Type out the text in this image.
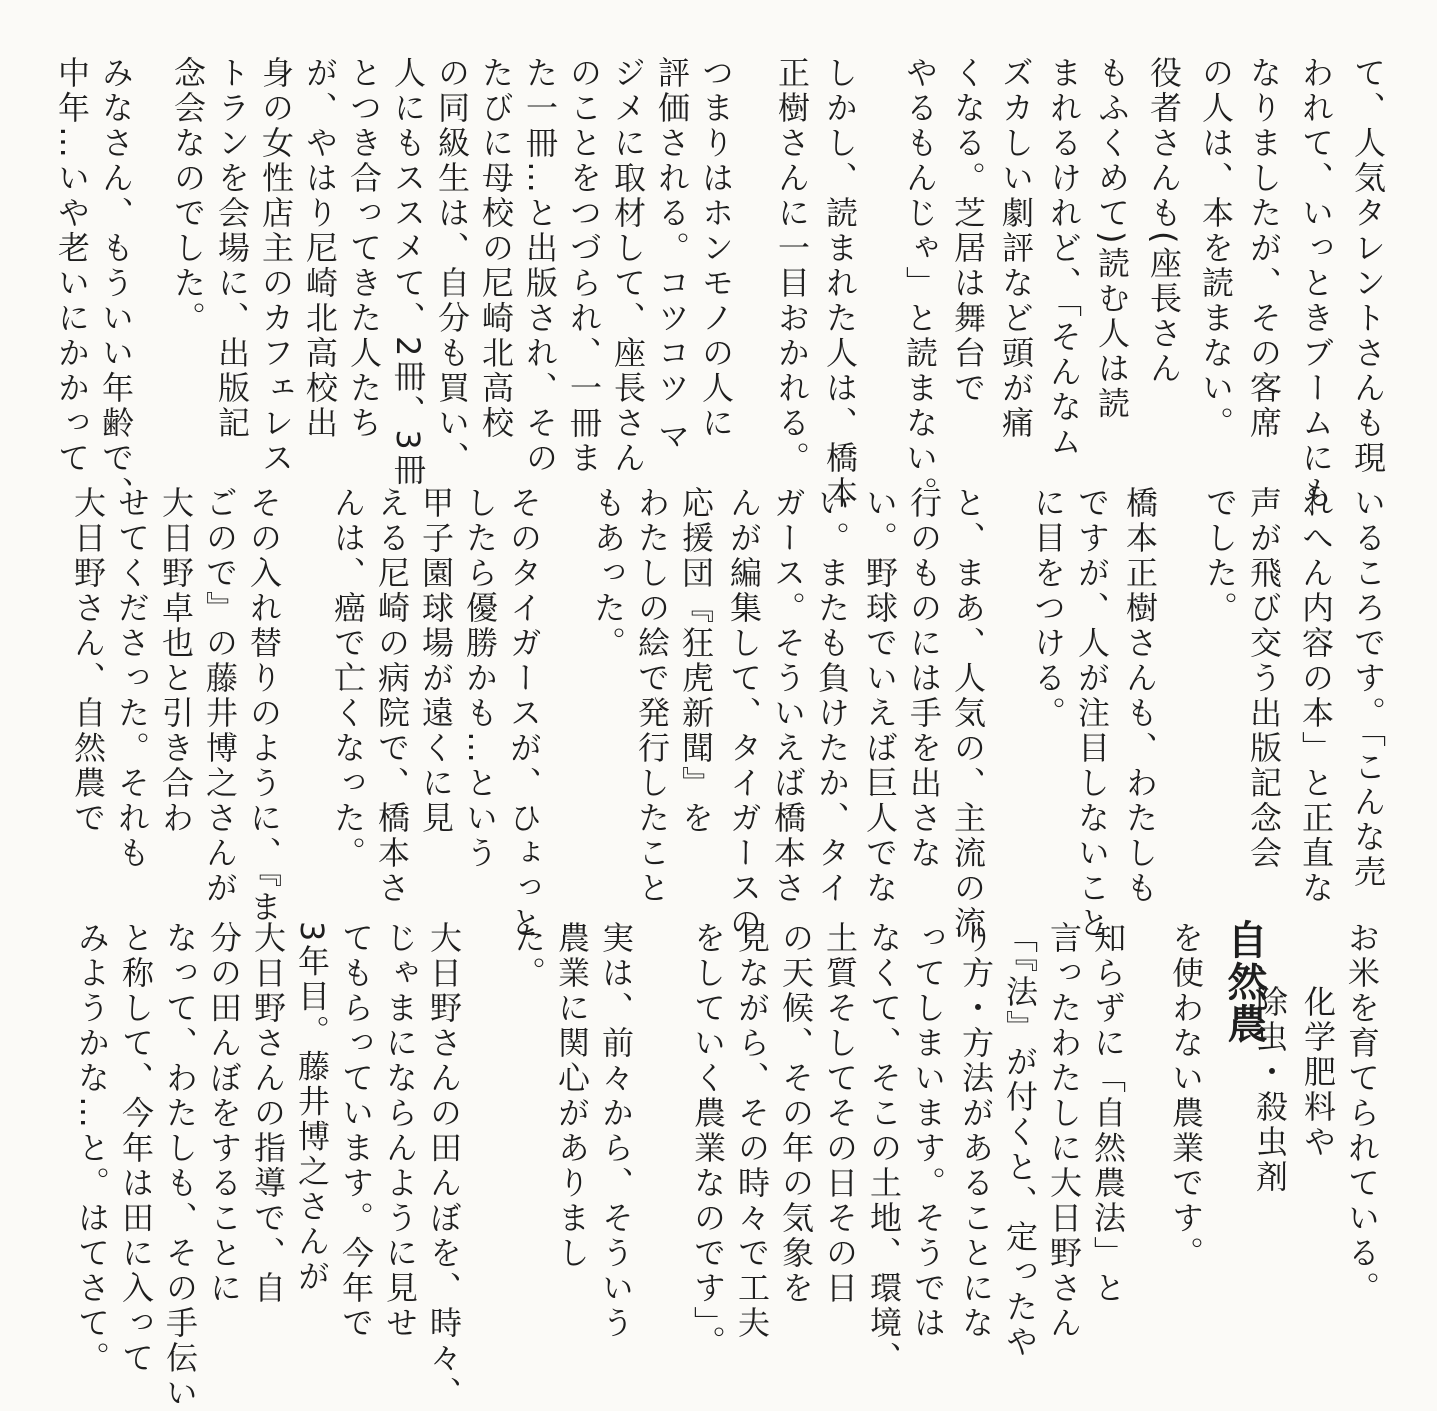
て、人気タレントさんも現

われて、いっときブームにも

なりましたが、その客席

の人は、本を読まない。

役者さんも(座長さん

もふくめて)読む人は読

まれるけれど、「そんなム

ズカしい劇評など頭が痛

くなる。芝居は舞台で

やるもんじゃ」と読まない。

しかし、読まれた人は、橋本

正樹さんに一目おかれる。

つまりはホンモノの人に

評価される。コツコツ マ

ジメに取材して、座長さん

のことをつづられ、一冊ま

た一冊…と出版され、その

たびに母校の尼崎北高校

の同級生は、自分も買い、

人にもススメて、2冊、3冊

とつき合ってきた人たち

が、やはり尼崎北高校出

身の女性店主のカフェレス

トランを会場に、出版記

念会なのでした。

みなさん、もういい年齢で、

中年…いや老いにかかって

いるころです。「こんな売

れへん内容の本」と正直な

声が飛び交う出版記念会

でした。

橋本正樹さんも、わたしも

ですが、人が注目しないこと

に目をつける。

と、まあ、人気の、主流の流

行のものには手を出さな

い。野球でいえば巨人でな

い。またも負けたか、タイ

ガース。そういえば橋本さ

んが編集して、タイガースの

応援団『狂虎新聞』を

わたしの絵で発行したこと

もあった。

そのタイガースが、ひょっと

したら優勝かも…という

甲子園球場が遠くに見

える尼崎の病院で、橋本さ

んは、癌で亡くなった。

その入れ替りのように、『ま

ごので』の藤井博之さんが

大日野卓也と引き合わ

せてくださった。それも

大日野さん、自然農で

自然農 お米を育てられている。

化学肥料や

除虫・殺虫剤

を使わない農業です。

知らずに「自然農法」と

言ったわたしに大日野さん

「『法』が付くと、定ったや

り方・方法があることにな

ってしまいます。そうでは

なくて、そこの土地、環境、

土質そしてその日その日

の天候、その年の気象を

見ながら、その時々で工夫

をしていく農業なのです」。

実は、前々から、そういう

農業に関心がありまし

た。

大日野さんの田んぼを、時々、

じゃまにならんように見せ

てもらっています。今年で

3年目。藤井博之さんが

大日野さんの指導で、自

分の田んぼをすることに

なって、わたしも、その手伝い

と称して、今年は田に入って

みようかな…と。はてさて。
